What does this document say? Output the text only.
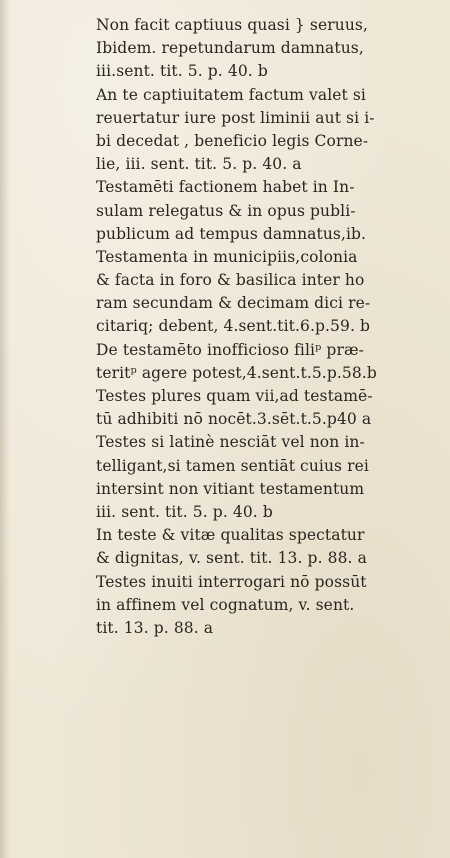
Non facit captiuus quasi } seruus,
Ibidem. repetundarum damnatus,
iii.sent. tit. 5. p. 40. b
An te captiuitatem factum valet si
reuertatur iure post liminii aut si i-
bi decedat , beneficio legis Corne-
lie, iii. sent. tit. 5. p. 40. a
Testamēti factionem habet in In-
sulam relegatus & in opus publi-
publicum ad tempus damnatus,ib.
Testamenta in municipiis,colonia
& facta in foro & basilica inter ho
ram secundam & decimam dici re-
citariq; debent, 4.sent.tit.6.p.59. b
De testamēto inofficioso filiᵖ præ-
teritᵖ agere potest,4.sent.t.5.p.58.b
Testes plures quam vii,ad testamē-
tū adhibiti nō nocēt.3.sēt.t.5.p40 a
Testes si latinè nesciāt vel non in-
telligant,si tamen sentiāt cuius rei
intersint non vitiant testamentum
iii. sent. tit. 5. p. 40. b
In teste & vitæ qualitas spectatur
& dignitas, v. sent. tit. 13. p. 88. a
Testes inuiti interrogari nō possūt
in affinem vel cognatum, v. sent.
tit. 13. p. 88. a
